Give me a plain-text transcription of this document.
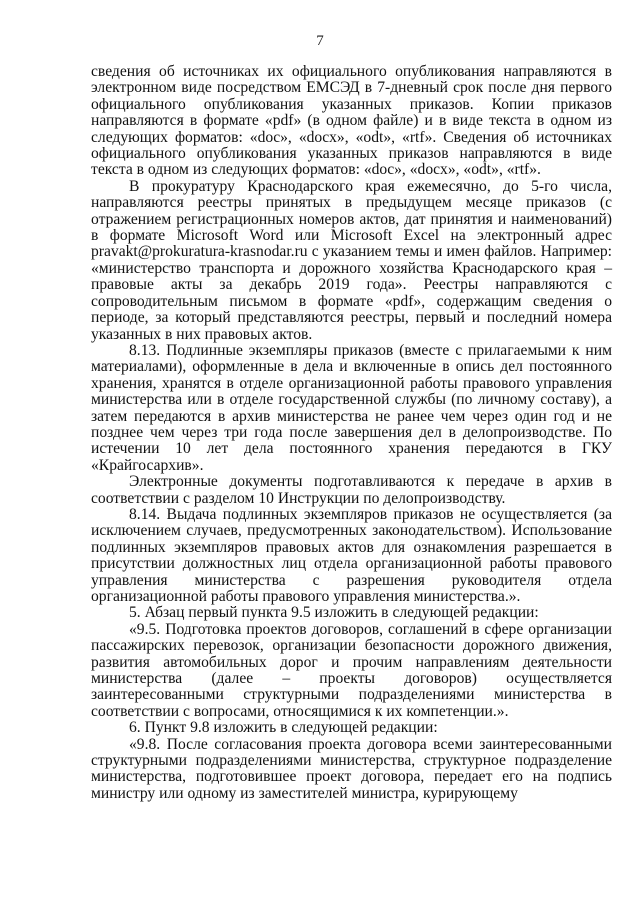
7

сведения об источниках их официального опубликования направляются в электронном виде посредством ЕМСЭД в 7-дневный срок после дня первого официального опубликования указанных приказов. Копии приказов направляются в формате «pdf» (в одном файле) и в виде текста в одном из следующих форматов: «doc», «docx», «odt», «rtf». Сведения об источниках официального опубликования указанных приказов направляются в виде текста в одном из следующих форматов: «doc», «docx», «odt», «rtf».

В прокуратуру Краснодарского края ежемесячно, до 5-го числа, направляются реестры принятых в предыдущем месяце приказов (с отражением регистрационных номеров актов, дат принятия и наименований) в формате Microsoft Word или Microsoft Excel на электронный адрес pravakt@prokuratura-krasnodar.ru с указанием темы и имен файлов. Например: «министерство транспорта и дорожного хозяйства Краснодарского края – правовые акты за декабрь 2019 года». Реестры направляются с сопроводительным письмом в формате «pdf», содержащим сведения о периоде, за который представляются реестры, первый и последний номера указанных в них правовых актов.

8.13. Подлинные экземпляры приказов (вместе с прилагаемыми к ним материалами), оформленные в дела и включенные в опись дел постоянного хранения, хранятся в отделе организационной работы правового управления министерства или в отделе государственной службы (по личному составу), а затем передаются в архив министерства не ранее чем через один год и не позднее чем через три года после завершения дел в делопроизводстве. По истечении 10 лет дела постоянного хранения передаются в ГКУ «Крайгосархив».

Электронные документы подготавливаются к передаче в архив в соответствии с разделом 10 Инструкции по делопроизводству.

8.14. Выдача подлинных экземпляров приказов не осуществляется (за исключением случаев, предусмотренных законодательством). Использование подлинных экземпляров правовых актов для ознакомления разрешается в присутствии должностных лиц отдела организационной работы правового управления министерства с разрешения руководителя отдела организационной работы правового управления министерства.».

5. Абзац первый пункта 9.5 изложить в следующей редакции:

«9.5. Подготовка проектов договоров, соглашений в сфере организации пассажирских перевозок, организации безопасности дорожного движения, развития автомобильных дорог и прочим направлениям деятельности министерства (далее – проекты договоров) осуществляется заинтересованными структурными подразделениями министерства в соответствии с вопросами, относящимися к их компетенции.».

6. Пункт 9.8 изложить в следующей редакции:

«9.8. После согласования проекта договора всеми заинтересованными структурными подразделениями министерства, структурное подразделение министерства, подготовившее проект договора, передает его на подпись министру или одному из заместителей министра, курирующему
